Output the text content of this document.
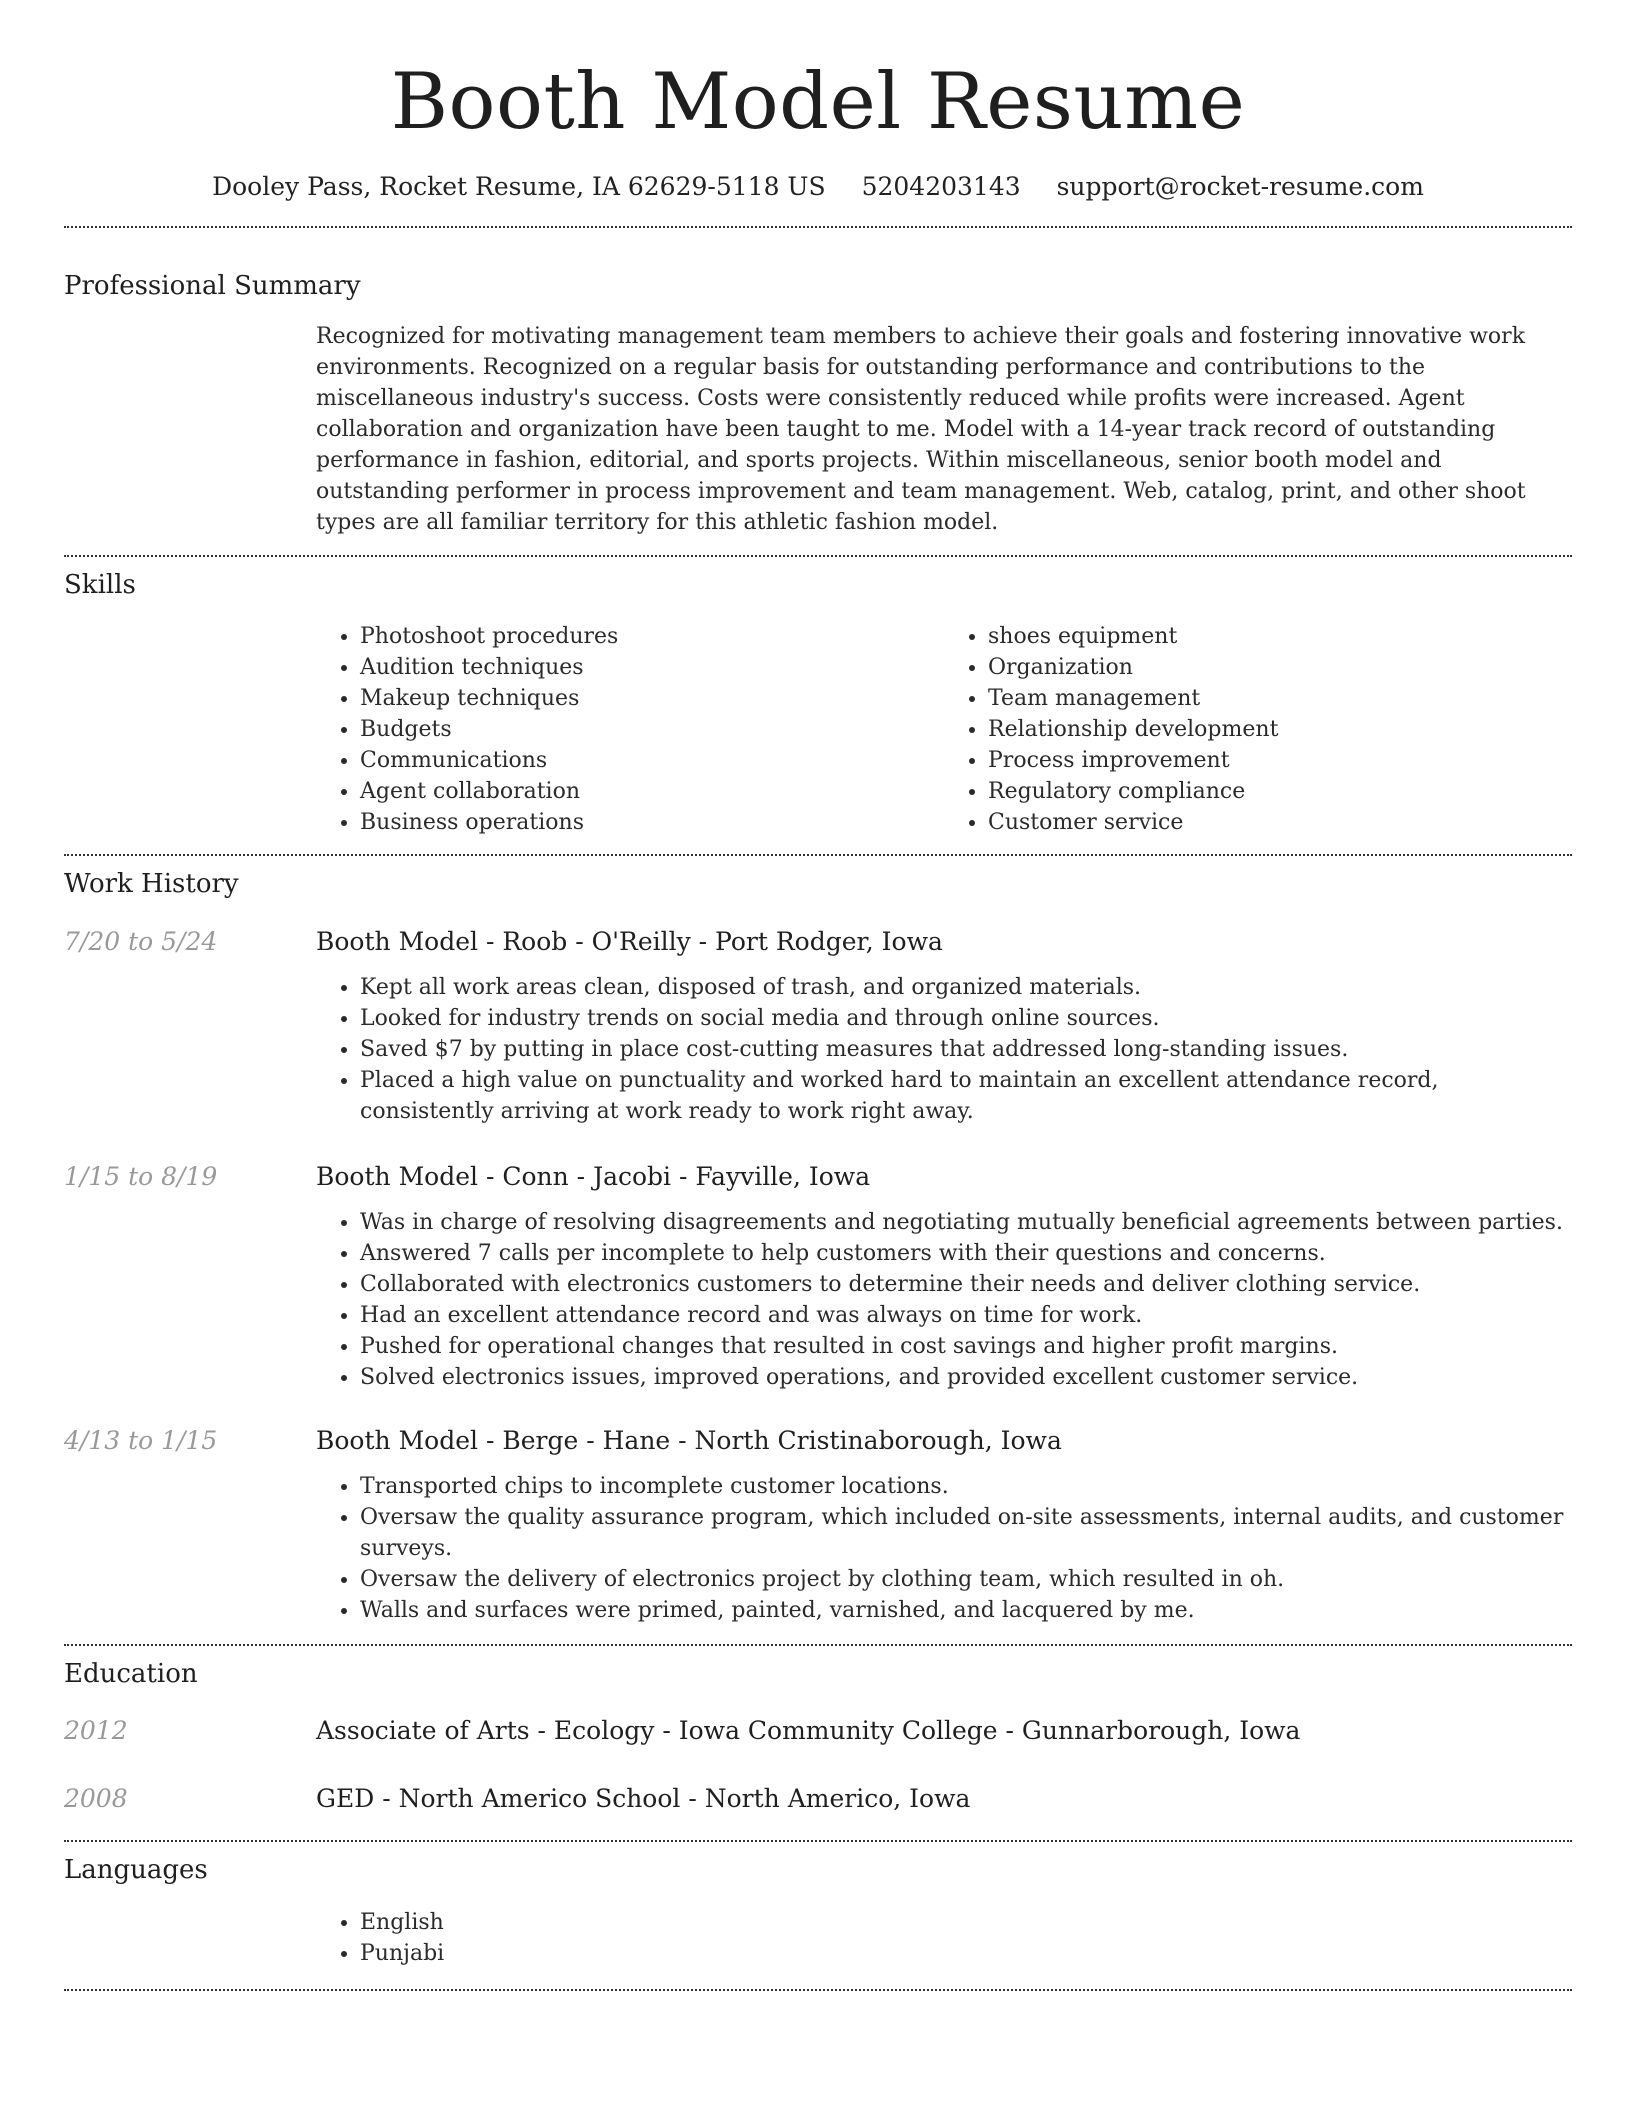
Booth Model Resume
Dooley Pass, Rocket Resume, IA 62629-5118 US 5204203143 support@rocket-resume.com
Professional Summary

Recognized for motivating management team members to achieve their goals and fostering innovative work environments. Recognized on a regular basis for outstanding performance and contributions to the miscellaneous industry's success. Costs were consistently reduced while profits were increased. Agent collaboration and organization have been taught to me. Model with a 14-year track record of outstanding performance in fashion, editorial, and sports projects. Within miscellaneous, senior booth model and outstanding performer in process improvement and team management. Web, catalog, print, and other shoot types are all familiar territory for this athletic fashion model.

Skills
• Photoshoot procedures
• Audition techniques
• Makeup techniques
• Budgets
• Communications
• Agent collaboration
• Business operations
• shoes equipment
• Organization
• Team management
• Relationship development
• Process improvement
• Regulatory compliance
• Customer service
Work History
7/20 to 5/24	Booth Model - Roob - O'Reilly - Port Rodger, Iowa
• Kept all work areas clean, disposed of trash, and organized materials.
• Looked for industry trends on social media and through online sources.
• Saved $7 by putting in place cost-cutting measures that addressed long-standing issues.
• Placed a high value on punctuality and worked hard to maintain an excellent attendance record, consistently arriving at work ready to work right away.
1/15 to 8/19	Booth Model - Conn - Jacobi - Fayville, Iowa
• Was in charge of resolving disagreements and negotiating mutually beneficial agreements between parties.
• Answered 7 calls per incomplete to help customers with their questions and concerns.
• Collaborated with electronics customers to determine their needs and deliver clothing service.
• Had an excellent attendance record and was always on time for work.
• Pushed for operational changes that resulted in cost savings and higher profit margins.
• Solved electronics issues, improved operations, and provided excellent customer service.
4/13 to 1/15	Booth Model - Berge - Hane - North Cristinaborough, Iowa
• Transported chips to incomplete customer locations.
• Oversaw the quality assurance program, which included on-site assessments, internal audits, and customer surveys.
• Oversaw the delivery of electronics project by clothing team, which resulted in oh.
• Walls and surfaces were primed, painted, varnished, and lacquered by me.
Education
2012	Associate of Arts - Ecology - Iowa Community College - Gunnarborough, Iowa
2008	GED - North Americo School - North Americo, Iowa
Languages
• English
• Punjabi
